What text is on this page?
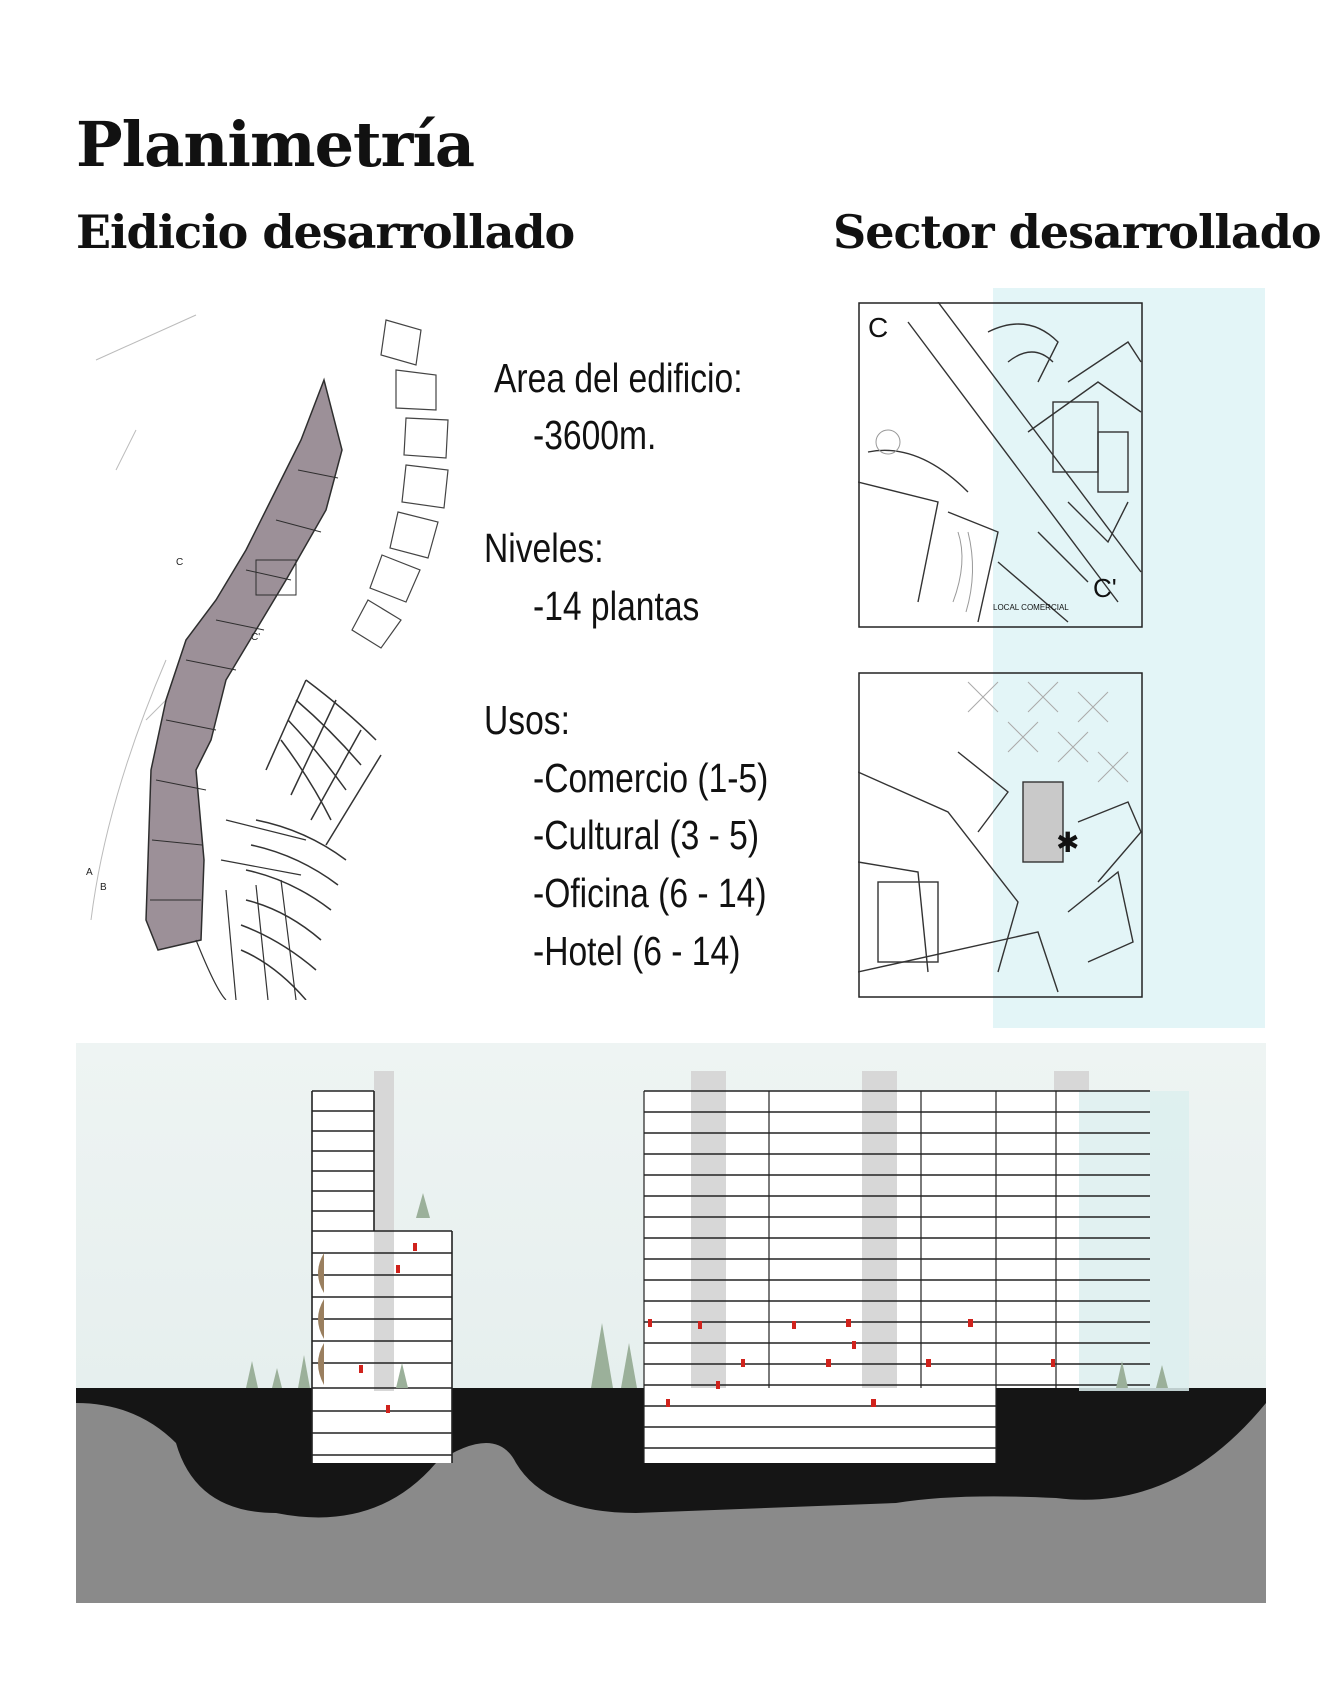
Planimetría
Eidicio desarrollado	Sector desarrollado
C
C'
A
B
Area del edificio:
-3600m.
Niveles:
-14 plantas
Usos:
-Comercio (1-5)
-Cultural (3 - 5)
-Oficina (6 - 14)
-Hotel (6 - 14)
C
C'
LOCAL COMERCIAL
✱
